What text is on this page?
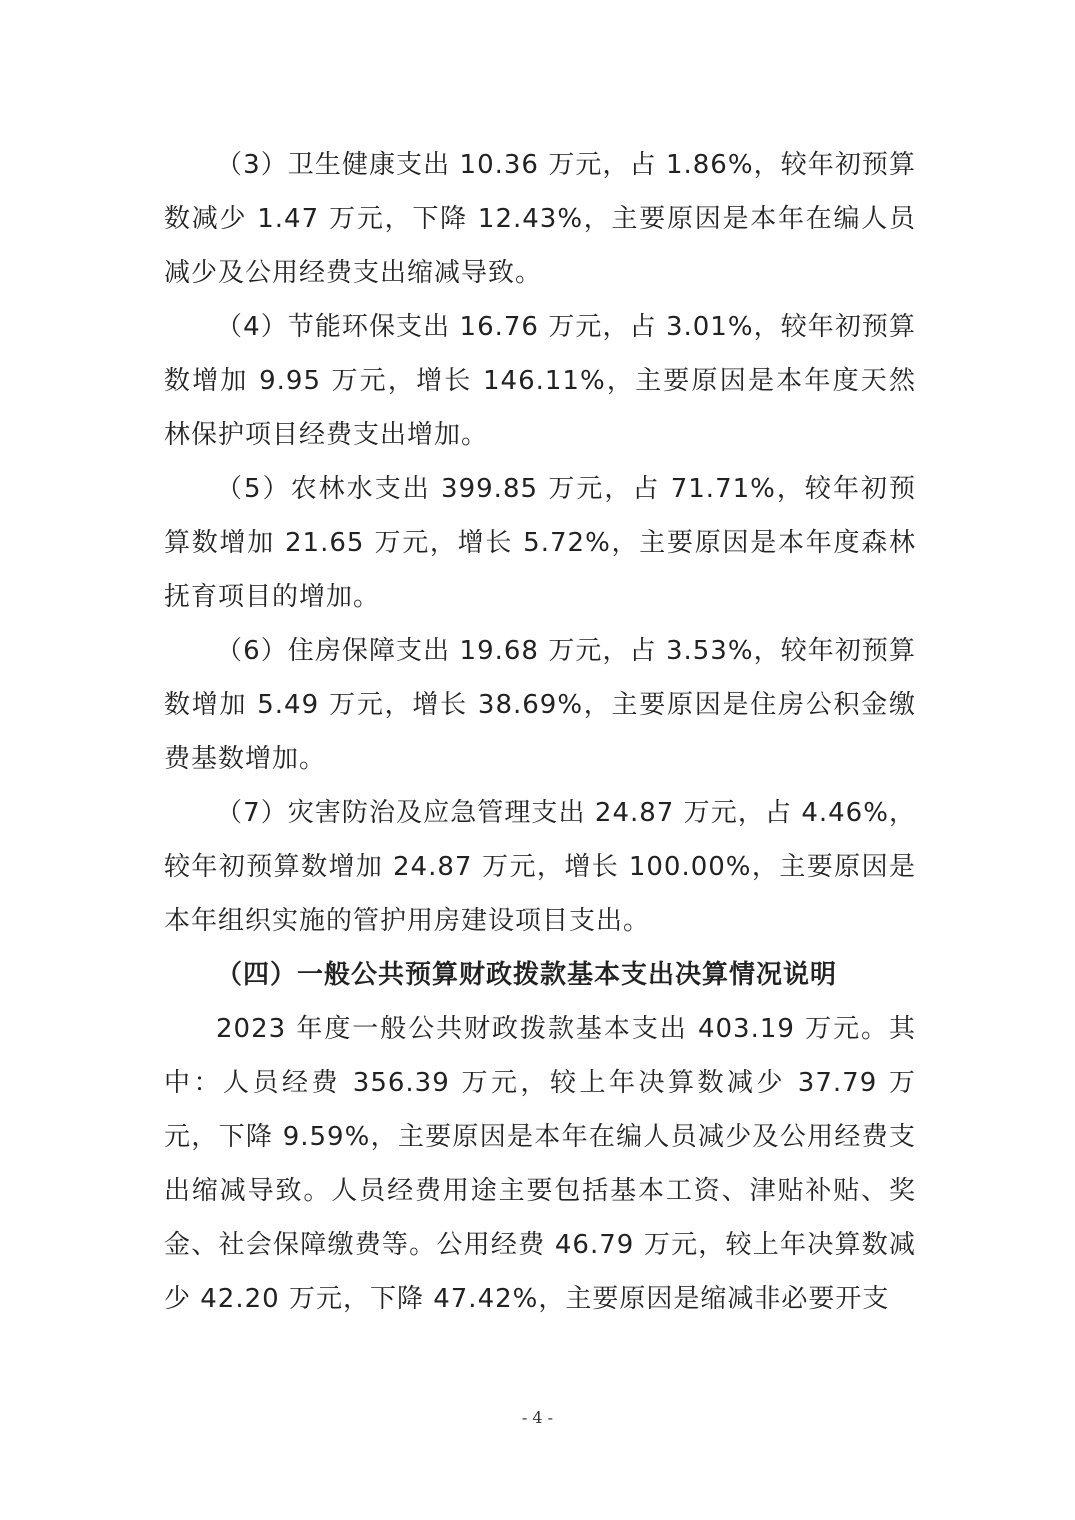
（3）卫生健康支出 10.36 万元，占 1.86%，较年初预算数减少 1.47 万元，下降 12.43%，主要原因是本年在编人员减少及公用经费支出缩减导致。

（4）节能环保支出 16.76 万元，占 3.01%，较年初预算数增加 9.95 万元，增长 146.11%，主要原因是本年度天然林保护项目经费支出增加。

（5）农林水支出 399.85 万元，占 71.71%，较年初预算数增加 21.65 万元，增长 5.72%，主要原因是本年度森林抚育项目的增加。

（6）住房保障支出 19.68 万元，占 3.53%，较年初预算数增加 5.49 万元，增长 38.69%，主要原因是住房公积金缴费基数增加。

（7）灾害防治及应急管理支出 24.87 万元，占 4.46%，较年初预算数增加 24.87 万元，增长 100.00%，主要原因是本年组织实施的管护用房建设项目支出。

（四）一般公共预算财政拨款基本支出决算情况说明

2023 年度一般公共财政拨款基本支出 403.19 万元。其中：人员经费 356.39 万元，较上年决算数减少 37.79 万元，下降 9.59%，主要原因是本年在编人员减少及公用经费支出缩减导致。人员经费用途主要包括基本工资、津贴补贴、奖金、社会保障缴费等。公用经费 46.79 万元，较上年决算数减少 42.20 万元，下降 47.42%，主要原因是缩减非必要开支

- 4 -
